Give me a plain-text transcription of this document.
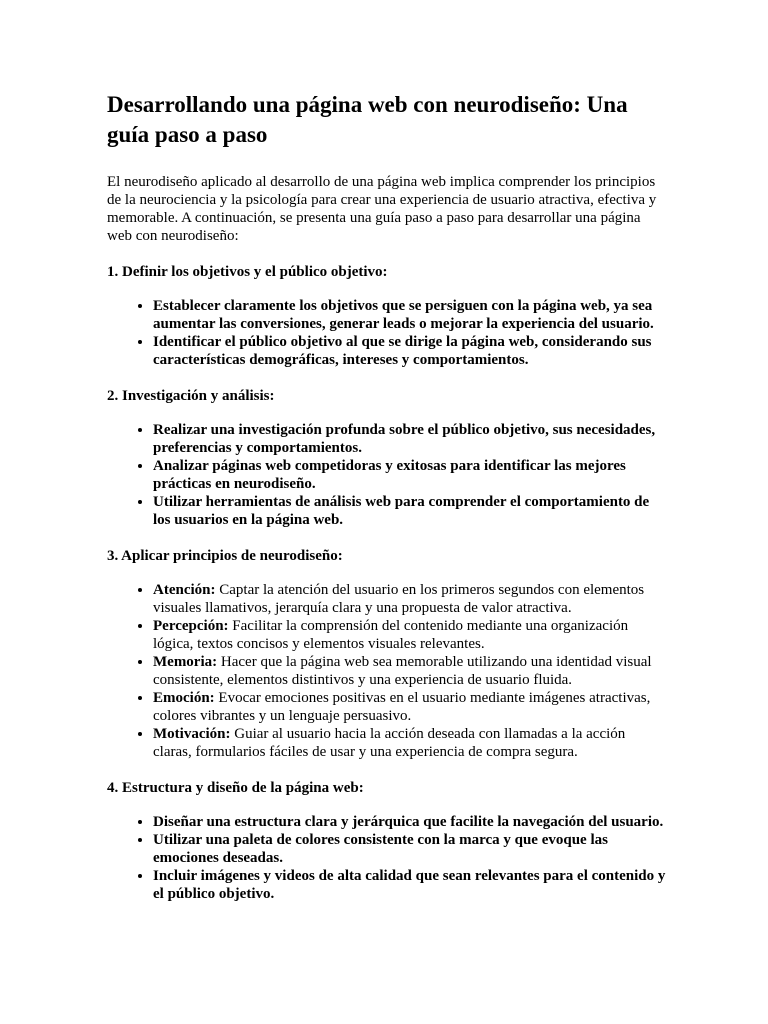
Desarrollando una página web con neurodiseño: Una guía paso a paso

El neurodiseño aplicado al desarrollo de una página web implica comprender los principios de la neurociencia y la psicología para crear una experiencia de usuario atractiva, efectiva y memorable. A continuación, se presenta una guía paso a paso para desarrollar una página web con neurodiseño:

1. Definir los objetivos y el público objetivo:

• Establecer claramente los objetivos que se persiguen con la página web, ya sea aumentar las conversiones, generar leads o mejorar la experiencia del usuario.
• Identificar el público objetivo al que se dirige la página web, considerando sus características demográficas, intereses y comportamientos.

2. Investigación y análisis:

• Realizar una investigación profunda sobre el público objetivo, sus necesidades, preferencias y comportamientos.
• Analizar páginas web competidoras y exitosas para identificar las mejores prácticas en neurodiseño.
• Utilizar herramientas de análisis web para comprender el comportamiento de los usuarios en la página web.

3. Aplicar principios de neurodiseño:

• Atención: Captar la atención del usuario en los primeros segundos con elementos visuales llamativos, jerarquía clara y una propuesta de valor atractiva.
• Percepción: Facilitar la comprensión del contenido mediante una organización lógica, textos concisos y elementos visuales relevantes.
• Memoria: Hacer que la página web sea memorable utilizando una identidad visual consistente, elementos distintivos y una experiencia de usuario fluida.
• Emoción: Evocar emociones positivas en el usuario mediante imágenes atractivas, colores vibrantes y un lenguaje persuasivo.
• Motivación: Guiar al usuario hacia la acción deseada con llamadas a la acción claras, formularios fáciles de usar y una experiencia de compra segura.

4. Estructura y diseño de la página web:

• Diseñar una estructura clara y jerárquica que facilite la navegación del usuario.
• Utilizar una paleta de colores consistente con la marca y que evoque las emociones deseadas.
• Incluir imágenes y videos de alta calidad que sean relevantes para el contenido y el público objetivo.
